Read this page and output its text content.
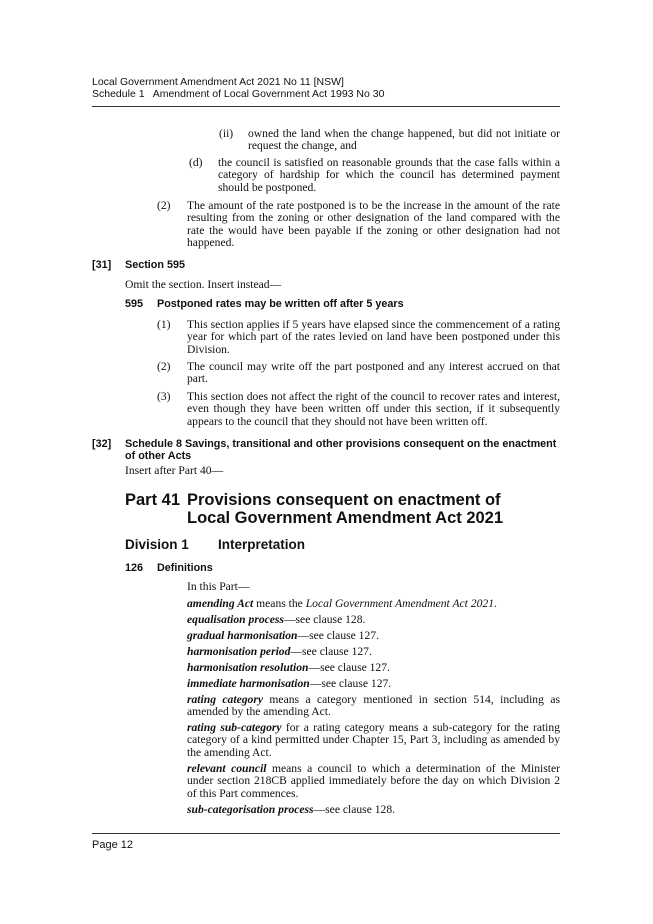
Local Government Amendment Act 2021 No 11 [NSW]
Schedule 1   Amendment of Local Government Act 1993 No 30
(ii) owned the land when the change happened, but did not initiate or request the change, and
(d) the council is satisfied on reasonable grounds that the case falls within a category of hardship for which the council has determined payment should be postponed.
(2) The amount of the rate postponed is to be the increase in the amount of the rate resulting from the zoning or other designation of the land compared with the rate the would have been payable if the zoning or other designation had not happened.
[31] Section 595
Omit the section. Insert instead—
595 Postponed rates may be written off after 5 years
(1) This section applies if 5 years have elapsed since the commencement of a rating year for which part of the rates levied on land have been postponed under this Division.
(2) The council may write off the part postponed and any interest accrued on that part.
(3) This section does not affect the right of the council to recover rates and interest, even though they have been written off under this section, if it subsequently appears to the council that they should not have been written off.
[32] Schedule 8 Savings, transitional and other provisions consequent on the enactment of other Acts
Insert after Part 40—
Part 41 Provisions consequent on enactment of Local Government Amendment Act 2021
Division 1 Interpretation
126 Definitions
In this Part—
amending Act means the Local Government Amendment Act 2021.
equalisation process—see clause 128.
gradual harmonisation—see clause 127.
harmonisation period—see clause 127.
harmonisation resolution—see clause 127.
immediate harmonisation—see clause 127.
rating category means a category mentioned in section 514, including as amended by the amending Act.
rating sub-category for a rating category means a sub-category for the rating category of a kind permitted under Chapter 15, Part 3, including as amended by the amending Act.
relevant council means a council to which a determination of the Minister under section 218CB applied immediately before the day on which Division 2 of this Part commences.
sub-categorisation process—see clause 128.
Page 12
